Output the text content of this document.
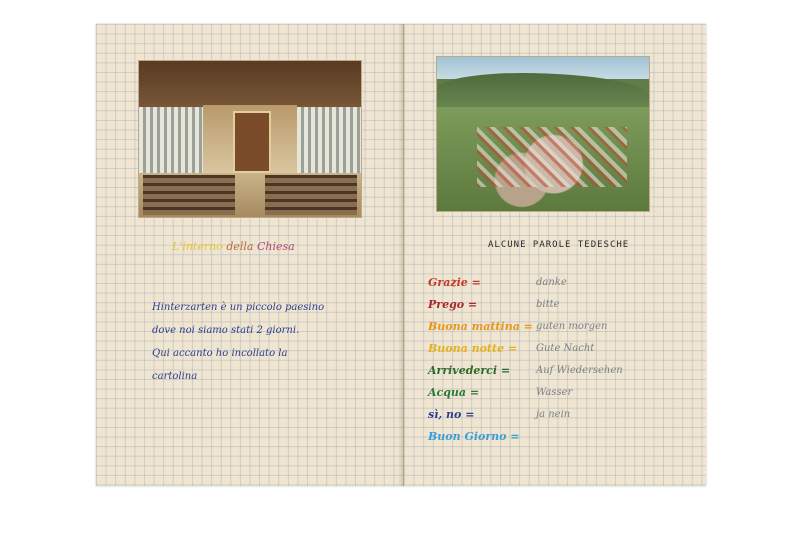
L'interno della Chiesa
Hinterzarten è un piccolo paesino
dove noi siamo stati 2 giorni.
Qui accanto ho incollato la
cartolina
ALCUNE PAROLE TEDESCHE
Grazie =	danke
Prego =	bitte
Buona mattina = guten morgen
Buona notte = Gute Nacht
Arrivederci =	Auf Wiedersehen
Acqua =	Wasser
sì, no =	ja nein
Buon Giorno =
